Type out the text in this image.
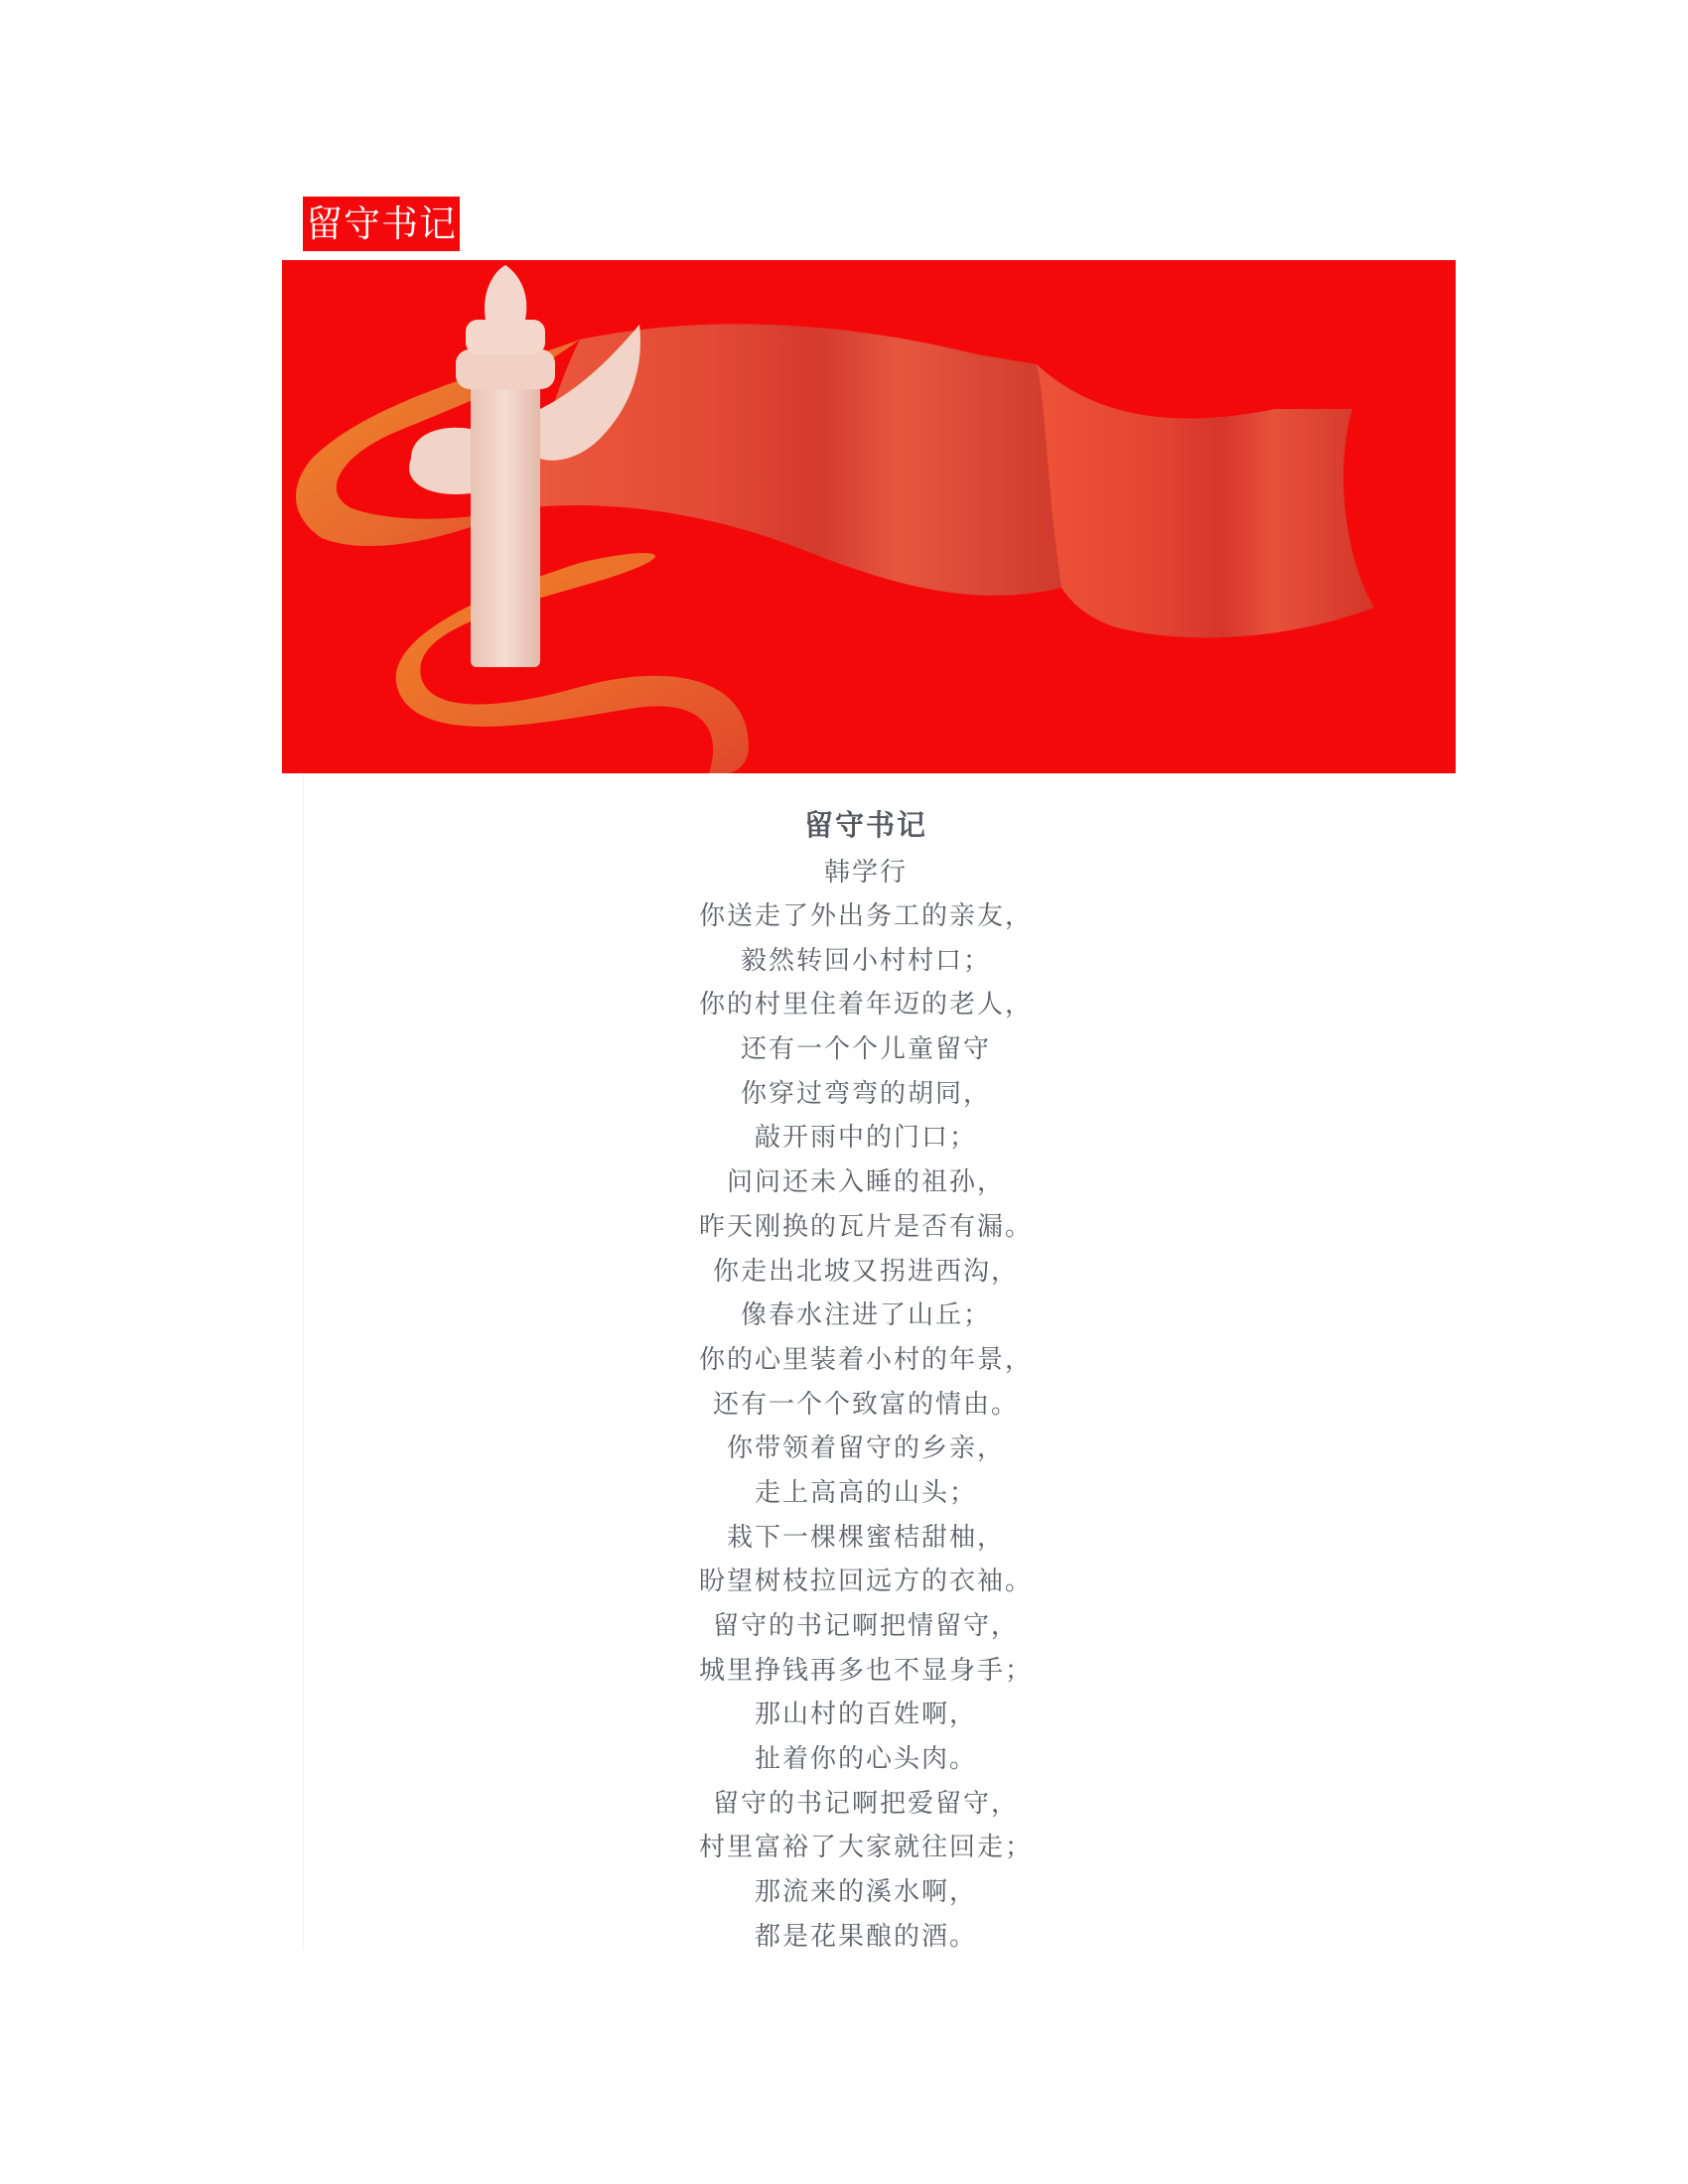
留守书记
留守书记
韩学行
你送走了外出务工的亲友，
毅然转回小村村口；
你的村里住着年迈的老人，
还有一个个儿童留守
你穿过弯弯的胡同，
敲开雨中的门口；
问问还未入睡的祖孙，
昨天刚换的瓦片是否有漏。
你走出北坡又拐进西沟，
像春水注进了山丘；
你的心里装着小村的年景，
还有一个个致富的情由。
你带领着留守的乡亲，
走上高高的山头；
栽下一棵棵蜜桔甜柚，
盼望树枝拉回远方的衣袖。
留守的书记啊把情留守，
城里挣钱再多也不显身手；
那山村的百姓啊，
扯着你的心头肉。
留守的书记啊把爱留守，
村里富裕了大家就往回走；
那流来的溪水啊，
都是花果酿的酒。
